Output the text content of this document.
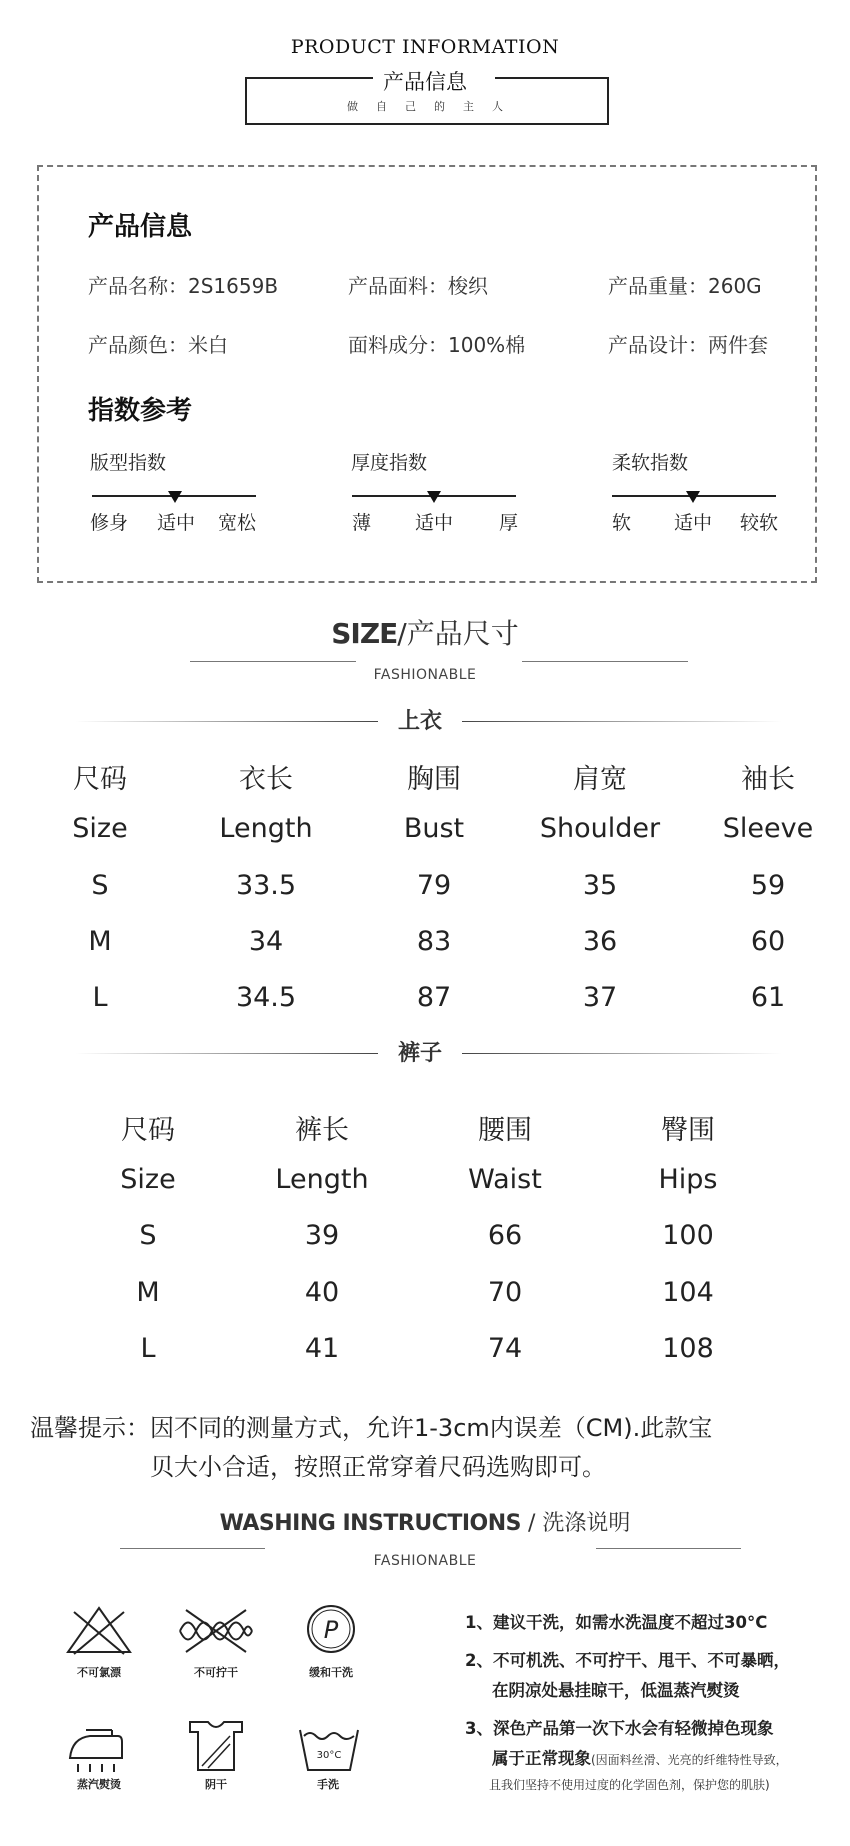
PRODUCT INFORMATION
产品信息
做自己的主人
产品信息
产品名称：2S1659B	产品面料：梭织	产品重量：260G
产品颜色：米白	面料成分：100%棉	产品设计：两件套
指数参考
版型指数
修身 适中 宽松
厚度指数
薄 适中 厚
柔软指数
软 适中 较软
SIZE/产品尺寸
FASHIONABLE
上衣
尺码	衣长	胸围	肩宽	袖长
Size	Length	Bust	Shoulder	Sleeve
S	33.5	79	35	59
M	34	83	36	60
L	34.5	87	37	61
裤子
尺码	裤长	腰围	臀围
Size	Length	Waist	Hips
S	39	66	100
M	40	70	104
L	41	74	108
温馨提示：因不同的测量方式，允许1-3cm内误差（CM).此款宝
贝大小合适，按照正常穿着尺码选购即可。
WASHING INSTRUCTIONS / 洗涤说明
FASHIONABLE
不可氯漂	不可拧干
P
缓和干洗
蒸汽熨烫	阴干
30°C
手洗
1、建议干洗，如需水洗温度不超过30°C
2、不可机洗、不可拧干、甩干、不可暴晒，
在阴凉处悬挂晾干，低温蒸汽熨烫
3、深色产品第一次下水会有轻微掉色现象
属于正常现象(因面料丝滑、光亮的纤维特性导致，
且我们坚持不使用过度的化学固色剂，保护您的肌肤)
